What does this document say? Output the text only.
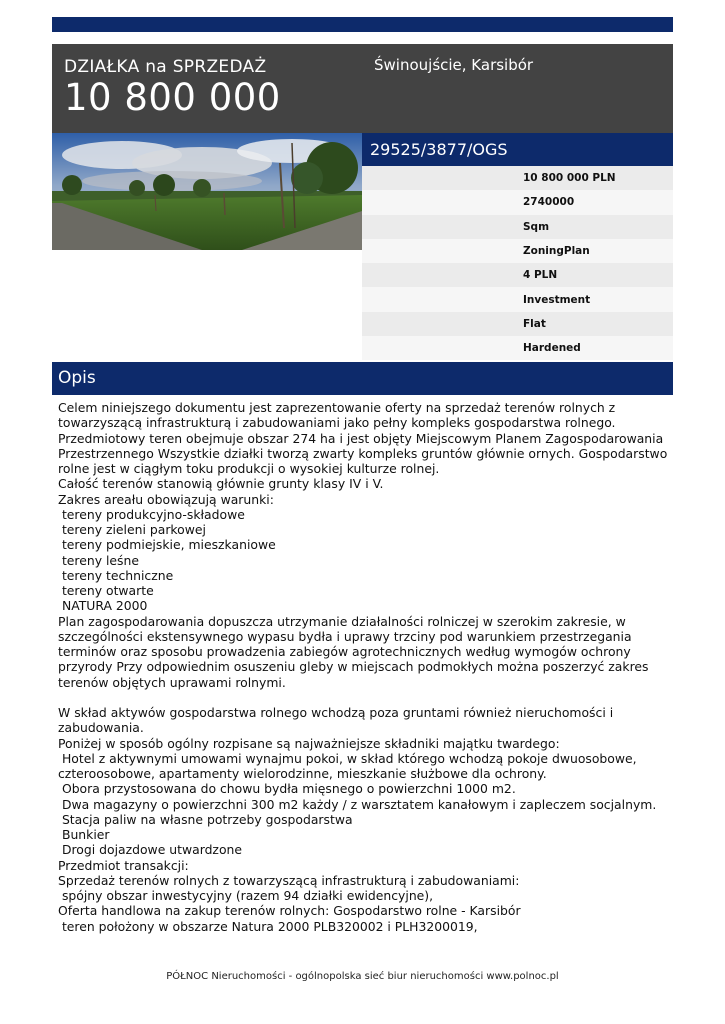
DZIAŁKA na SPRZEDAŻ
10 800 000
Świnoujście, Karsibór
29525/3877/OGS
10 800 000 PLN
2740000
Sqm
ZoningPlan
4 PLN
Investment
Flat
Hardened
Opis
Celem niniejszego dokumentu jest zaprezentowanie oferty na sprzedaż terenów rolnych z
towarzyszącą infrastrukturą i zabudowaniami jako pełny kompleks gospodarstwa rolnego.
Przedmiotowy teren obejmuje obszar 274 ha i jest objęty Miejscowym Planem Zagospodarowania
Przestrzennego Wszystkie działki tworzą zwarty kompleks gruntów głównie ornych. Gospodarstwo
rolne jest w ciągłym toku produkcji o wysokiej kulturze rolnej.
Całość terenów stanowią głównie grunty klasy IV i V.
Zakres areału obowiązują warunki:
tereny produkcyjno-składowe
tereny zieleni parkowej
tereny podmiejskie, mieszkaniowe
tereny leśne
tereny techniczne
tereny otwarte
NATURA 2000
Plan zagospodarowania dopuszcza utrzymanie działalności rolniczej w szerokim zakresie, w
szczególności ekstensywnego wypasu bydła i uprawy trzciny pod warunkiem przestrzegania
terminów oraz sposobu prowadzenia zabiegów agrotechnicznych według wymogów ochrony
przyrody Przy odpowiednim osuszeniu gleby w miejscach podmokłych można poszerzyć zakres
terenów objętych uprawami rolnymi.
W skład aktywów gospodarstwa rolnego wchodzą poza gruntami również nieruchomości i
zabudowania.
Poniżej w sposób ogólny rozpisane są najważniejsze składniki majątku twardego:
Hotel z aktywnymi umowami wynajmu pokoi, w skład którego wchodzą pokoje dwuosobowe,
czteroosobowe, apartamenty wielorodzinne, mieszkanie służbowe dla ochrony.
Obora przystosowana do chowu bydła mięsnego o powierzchni 1000 m2.
Dwa magazyny o powierzchni 300 m2 każdy / z warsztatem kanałowym i zapleczem socjalnym.
Stacja paliw na własne potrzeby gospodarstwa
Bunkier
Drogi dojazdowe utwardzone
Przedmiot transakcji:
Sprzedaż terenów rolnych z towarzyszącą infrastrukturą i zabudowaniami:
spójny obszar inwestycyjny (razem 94 działki ewidencyjne),
Oferta handlowa na zakup terenów rolnych: Gospodarstwo rolne - Karsibór
teren położony w obszarze Natura 2000 PLB320002 i PLH3200019,
PÓŁNOC Nieruchomości - ogólnopolska sieć biur nieruchomości www.polnoc.pl
